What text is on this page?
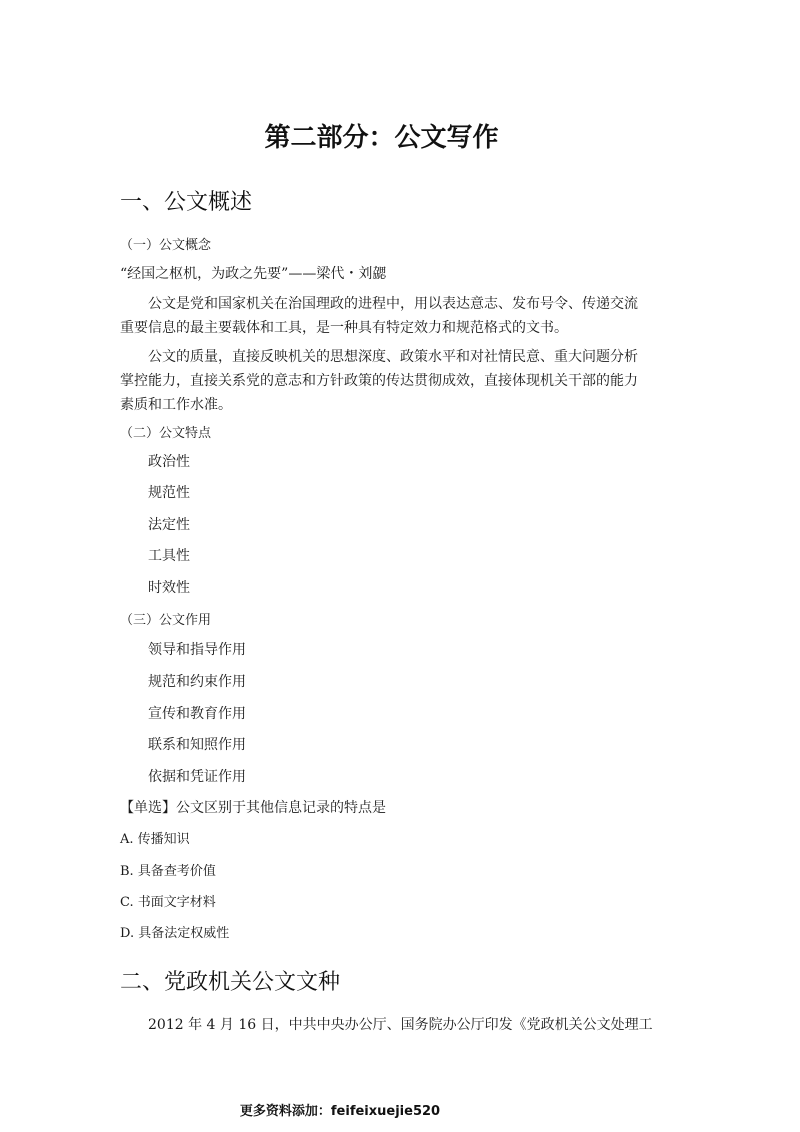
第二部分：公文写作
一、公文概述
（一）公文概念
“经国之枢机，为政之先要”——梁代・刘勰
公文是党和国家机关在治国理政的进程中，用以表达意志、发布号令、传递交流重要信息的最主要载体和工具，是一种具有特定效力和规范格式的文书。
公文的质量，直接反映机关的思想深度、政策水平和对社情民意、重大问题分析掌控能力，直接关系党的意志和方针政策的传达贯彻成效，直接体现机关干部的能力素质和工作水准。
（二）公文特点
政治性
规范性
法定性
工具性
时效性
（三）公文作用
领导和指导作用
规范和约束作用
宣传和教育作用
联系和知照作用
依据和凭证作用
【单选】公文区别于其他信息记录的特点是
A. 传播知识
B. 具备查考价值
C. 书面文字材料
D. 具备法定权威性
二、党政机关公文文种
2012 年 4 月 16 日，中共中央办公厅、国务院办公厅印发《党政机关公文处理工
更多资料添加：feifeixuejie520
